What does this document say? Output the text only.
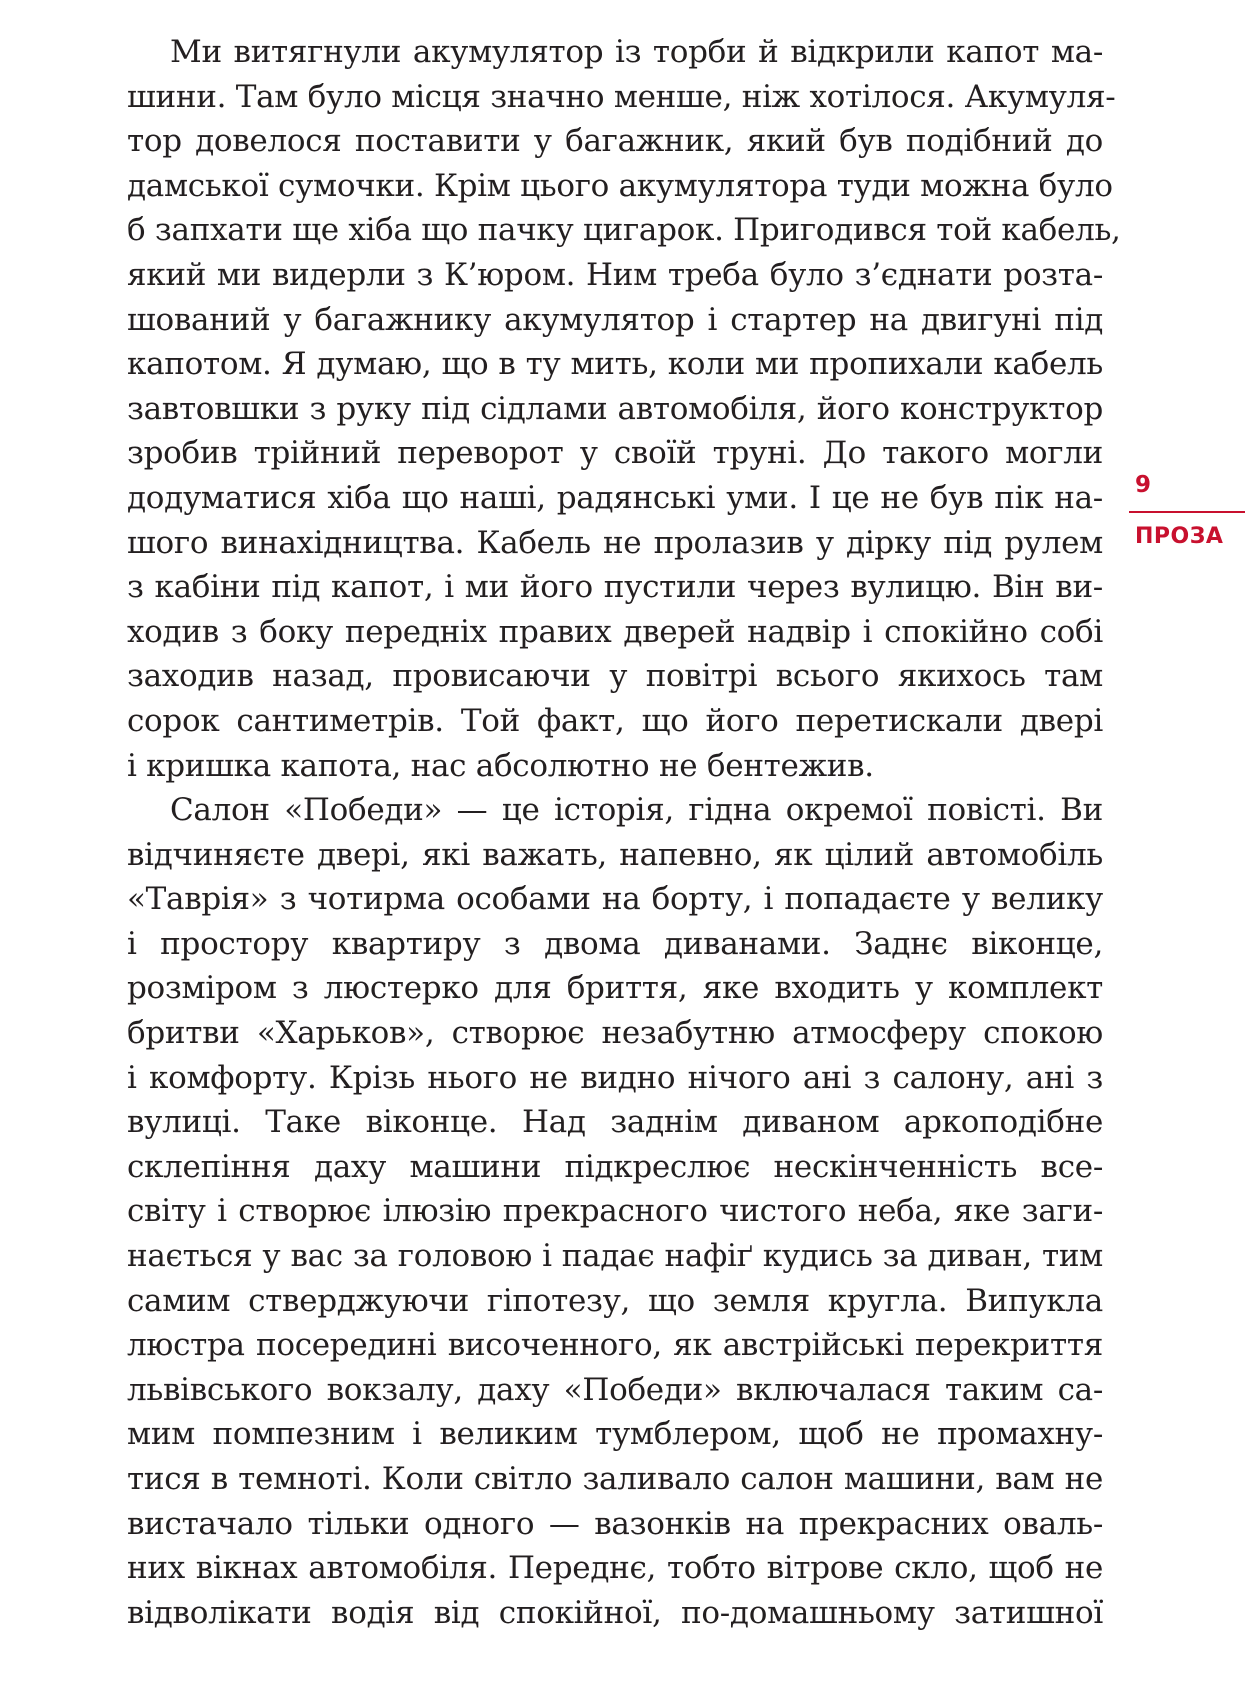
Ми витягнули акумулятор із торби й відкрили капот ма-
шини. Там було місця значно менше, ніж хотілося. Акумуля-
тор довелося поставити у багажник, який був подібний до
дамської сумочки. Крім цього акумулятора туди можна було
б запхати ще хіба що пачку цигарок. Пригодився той кабель,
який ми видерли з К’юром. Ним треба було з’єднати розта-
шований у багажнику акумулятор і стартер на двигуні під
капотом. Я думаю, що в ту мить, коли ми пропихали кабель
завтовшки з руку під сідлами автомобіля, його конструктор
зробив трійний переворот у своїй труні. До такого могли
додуматися хіба що наші, радянські уми. І це не був пік на-
шого винахідництва. Кабель не пролазив у дірку під рулем
з кабіни під капот, і ми його пустили через вулицю. Він ви-
ходив з боку передніх правих дверей надвір і спокійно собі
заходив назад, провисаючи у повітрі всього якихось там
сорок сантиметрів. Той факт, що його перетискали двері
і кришка капота, нас абсолютно не бентежив.
Салон «Победи» — це історія, гідна окремої повісті. Ви
відчиняєте двері, які важать, напевно, як цілий автомобіль
«Таврія» з чотирма особами на борту, і попадаєте у велику
і простору квартиру з двома диванами. Заднє віконце,
розміром з люстерко для бриття, яке входить у комплект
бритви «Харьков», створює незабутню атмосферу спокою
і комфорту. Крізь нього не видно нічого ані з салону, ані з
вулиці. Таке віконце. Над заднім диваном аркоподібне
склепіння даху машини підкреслює нескінченність все-
світу і створює ілюзію прекрасного чистого неба, яке заги-
нається у вас за головою і падає нафіґ кудись за диван, тим
самим стверджуючи гіпотезу, що земля кругла. Випукла
люстра посередині височенного, як австрійські перекриття
львівського вокзалу, даху «Победи» включалася таким са-
мим помпезним і великим тумблером, щоб не промахну-
тися в темноті. Коли світло заливало салон машини, вам не
вистачало тільки одного — вазонків на прекрасних оваль-
них вікнах автомобіля. Переднє, тобто вітрове скло, щоб не
відволікати водія від спокійної, по-домашньому затишної
9
ПРОЗА
